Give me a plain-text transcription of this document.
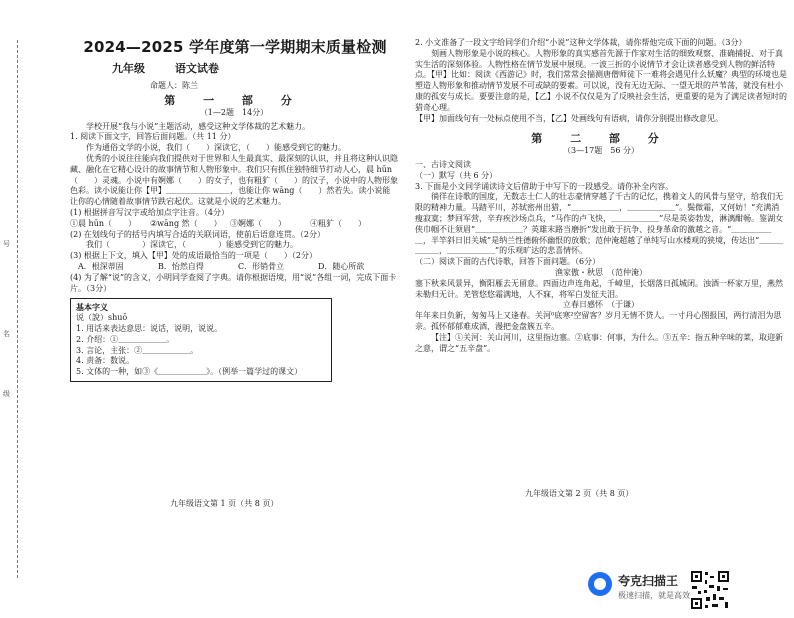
号
名
级
2024—2025 学年度第一学期期末质量检测
九年级	语文试卷
命题人：陈兰

第 一 部 分

（1—2题　14分）

学校开展“我与小说”主题活动，感受这种文学体裁的艺术魅力。

1. 阅读下面文字，回答后面问题。（共 11 分）

作为通俗文学的小说，我们（　　）深读它，（　　）能感受到它的魅力。

优秀的小说往往能向我们提供对于世界和人生最真实、最深刻的认识，并且将这种认识隐藏、融化在它精心设计的故事情节和人物形象中。我们只有抓住独特细节打动人心，晨 hūn（　　）灵魂。小说中有婀娜（　　）的女子，也有粗犷（　　）的汉子，小说中的人物形象色彩。读小说能让你【甲】＿＿＿＿＿＿＿＿，也能让你 wāng（　　）然若失。读小说能让你的心情随着故事情节跌宕起伏。这就是小说的艺术魅力。

(1) 根据拼音写汉字或给加点字注音。（4分）

①晨 hūn（　　） ②wāng 然（　　） ③婀娜（　　）	④粗犷（　　）

(2) 在划线句子的括号内填写合适的关联词语，使前后语意连贯。（2分）

我们（　　　　）深读它，（　　　　）能感受到它的魅力。

(3) 根据上下文，填入【甲】处的成语最恰当的一项是（　　）（2分）

A．根深蒂固	B．怡然自得	C．形销骨立	D．随心所欲

(4) 为了解“说”的含义，小明同学查阅了字典。请你根据语境，用“说”各组一词，完成下面卡片。（3分）

基本字义

说（說）shuō

1. 用话来表达意思：说话，说明，说说。

2. 介绍：①＿＿＿＿＿＿。

3. 言论，主张：②＿＿＿＿＿＿。

4. 责备：数说。

5. 文体的一种，如③《＿＿＿＿＿＿》。（例举一篇学过的课文）

九年级语文第 1 页（共 8 页）

2. 小文准备了一段文字给同学们介绍“小说”这种文学体裁，请你帮他完成下面的问题。（3分）

刻画人物形象是小说的核心。人物形象的真实感首先源于作家对生活的细致观察、准确捕捉、对于真实生活的深刻体验。人物性格在情节发展中展现。一波三折的小说情节才会让读者感受到人物的鲜活特点。【甲】比如：阅读《西游记》时，我们常常会揣测唐僧师徒下一难将会遇见什么妖魔？典型的环境也是塑造人物形象和推动情节发展不可或缺的要素。可以说，没有无边无际、一望无垠的芦苇荡，就没有杜小康的孤安与成长。要要注意的是，【乙】小说不仅仅是为了反映社会生活，更重要的是为了满足读者短时的猎奇心理。

【甲】加面线句有一处标点使用不当，【乙】处画线句有语病，请你分别提出修改意见。

第 二 部 分

（3—17题　56 分）

一、古诗文阅读

（一）默写（共 6 分）

3. 下面是小文同学诵读诗文后借助于中写下的一段感受。请你补全内容。

徜徉在诗歌的国度，无数志士仁人的壮志豪情穿越了千古的记忆，携着文人的风骨与坚守，给我们无限的精神力量。马踏平川，苏轼密州出猎，“＿＿＿＿＿＿，＿＿＿＿＿＿”。鬓微霜，又何妨！“充满消瘦寂寞；梦回军营，辛弃疾沙场点兵，“马作的卢飞快，＿＿＿＿＿＿”尽是英姿勃发，淋漓酣畅。鉴湖女侠巾帼不让须眉“＿＿＿＿＿＿？英雄末路当磨折”发出敢于抗争、投身革命的激越之音。“＿＿＿＿＿＿，半竿斜日旧关城”是纳兰性德俯怀幽恨的放歌；范仲淹超越了单纯写山水楼观的狭境，传达出“＿＿＿＿＿＿，＿＿＿＿＿＿”的乐观旷达的悲喜情怀。

（二）阅读下面的古代诗歌，回答下面问题。（6分）

渔家傲・秋思　（范仲淹）

塞下秋来风景异，衡阳雁去无留意。四面边声连角起，千嶂里，长烟落日孤城闭。浊酒一杯家万里，燕然未勒归无计。羌管悠悠霜满地，人不寐，将军白发征夫泪。

立春日感怀　（于谦）

年年来日负新，匆匆马上又逢春。关河⁰底寒²空留客？岁月无情不贷人。一寸丹心图报国，两行清泪为思亲。孤怀郁郁难成酒，漫把金盘簇五辛。

【注】①关河：关山河川，这里指边塞。②底事：何事，为什么。③五辛：指五种辛味的菜，取迎新之意，谓之“五辛盘”。

九年级语文第 2 页（共 8 页）
夸克扫描王
极速扫描，就是高效
